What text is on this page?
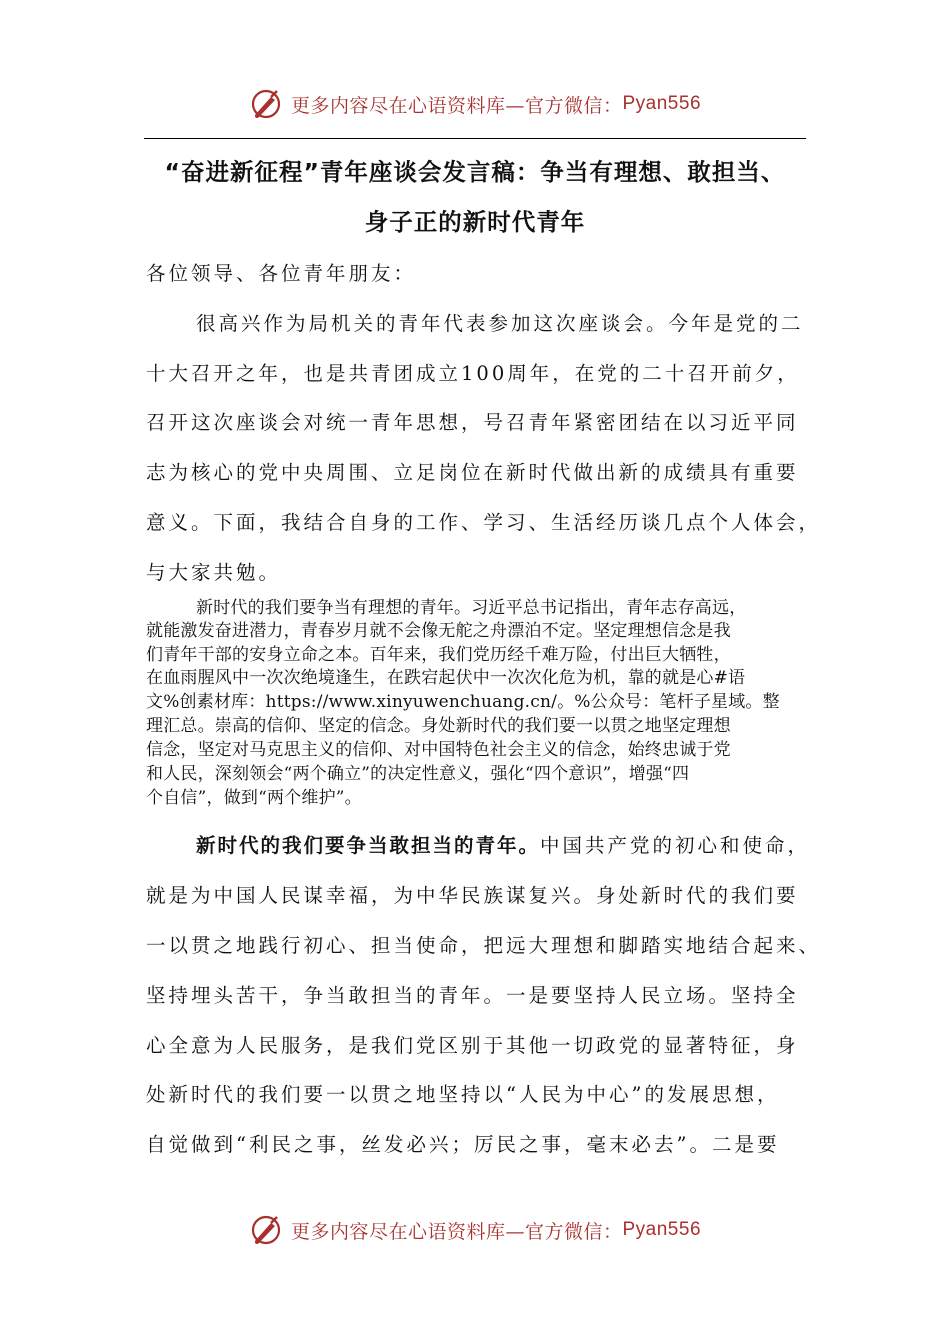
更多内容尽在心语资料库—官方微信： Pyan556
“奋进新征程”青年座谈会发言稿：争当有理想、敢担当、
身子正的新时代青年
各位领导、各位青年朋友：
很高兴作为局机关的青年代表参加这次座谈会。今年是党的二
十大召开之年，也是共青团成立100周年，在党的二十召开前夕，
召开这次座谈会对统一青年思想，号召青年紧密团结在以习近平同
志为核心的党中央周围、立足岗位在新时代做出新的成绩具有重要
意义。下面，我结合自身的工作、学习、生活经历谈几点个人体会，
与大家共勉。
新时代的我们要争当有理想的青年。习近平总书记指出，青年志存高远，
就能激发奋进潜力，青春岁月就不会像无舵之舟漂泊不定。坚定理想信念是我
们青年干部的安身立命之本。百年来，我们党历经千难万险，付出巨大牺牲，
在血雨腥风中一次次绝境逢生，在跌宕起伏中一次次化危为机，靠的就是心#语
文%创素材库：https://www.xinyuwenchuang.cn/。%公众号：笔杆子星域。整
理汇总。崇高的信仰、坚定的信念。身处新时代的我们要一以贯之地坚定理想
信念，坚定对马克思主义的信仰、对中国特色社会主义的信念，始终忠诚于党
和人民，深刻领会“两个确立”的决定性意义，强化“四个意识”，增强“四
个自信”，做到“两个维护”。
新时代的我们要争当敢担当的青年。中国共产党的初心和使命，
就是为中国人民谋幸福，为中华民族谋复兴。身处新时代的我们要
一以贯之地践行初心、担当使命，把远大理想和脚踏实地结合起来、
坚持埋头苦干，争当敢担当的青年。一是要坚持人民立场。坚持全
心全意为人民服务，是我们党区别于其他一切政党的显著特征，身
处新时代的我们要一以贯之地坚持以“人民为中心”的发展思想，
自觉做到“利民之事，丝发必兴；厉民之事，毫末必去”。二是要
更多内容尽在心语资料库—官方微信： Pyan556
